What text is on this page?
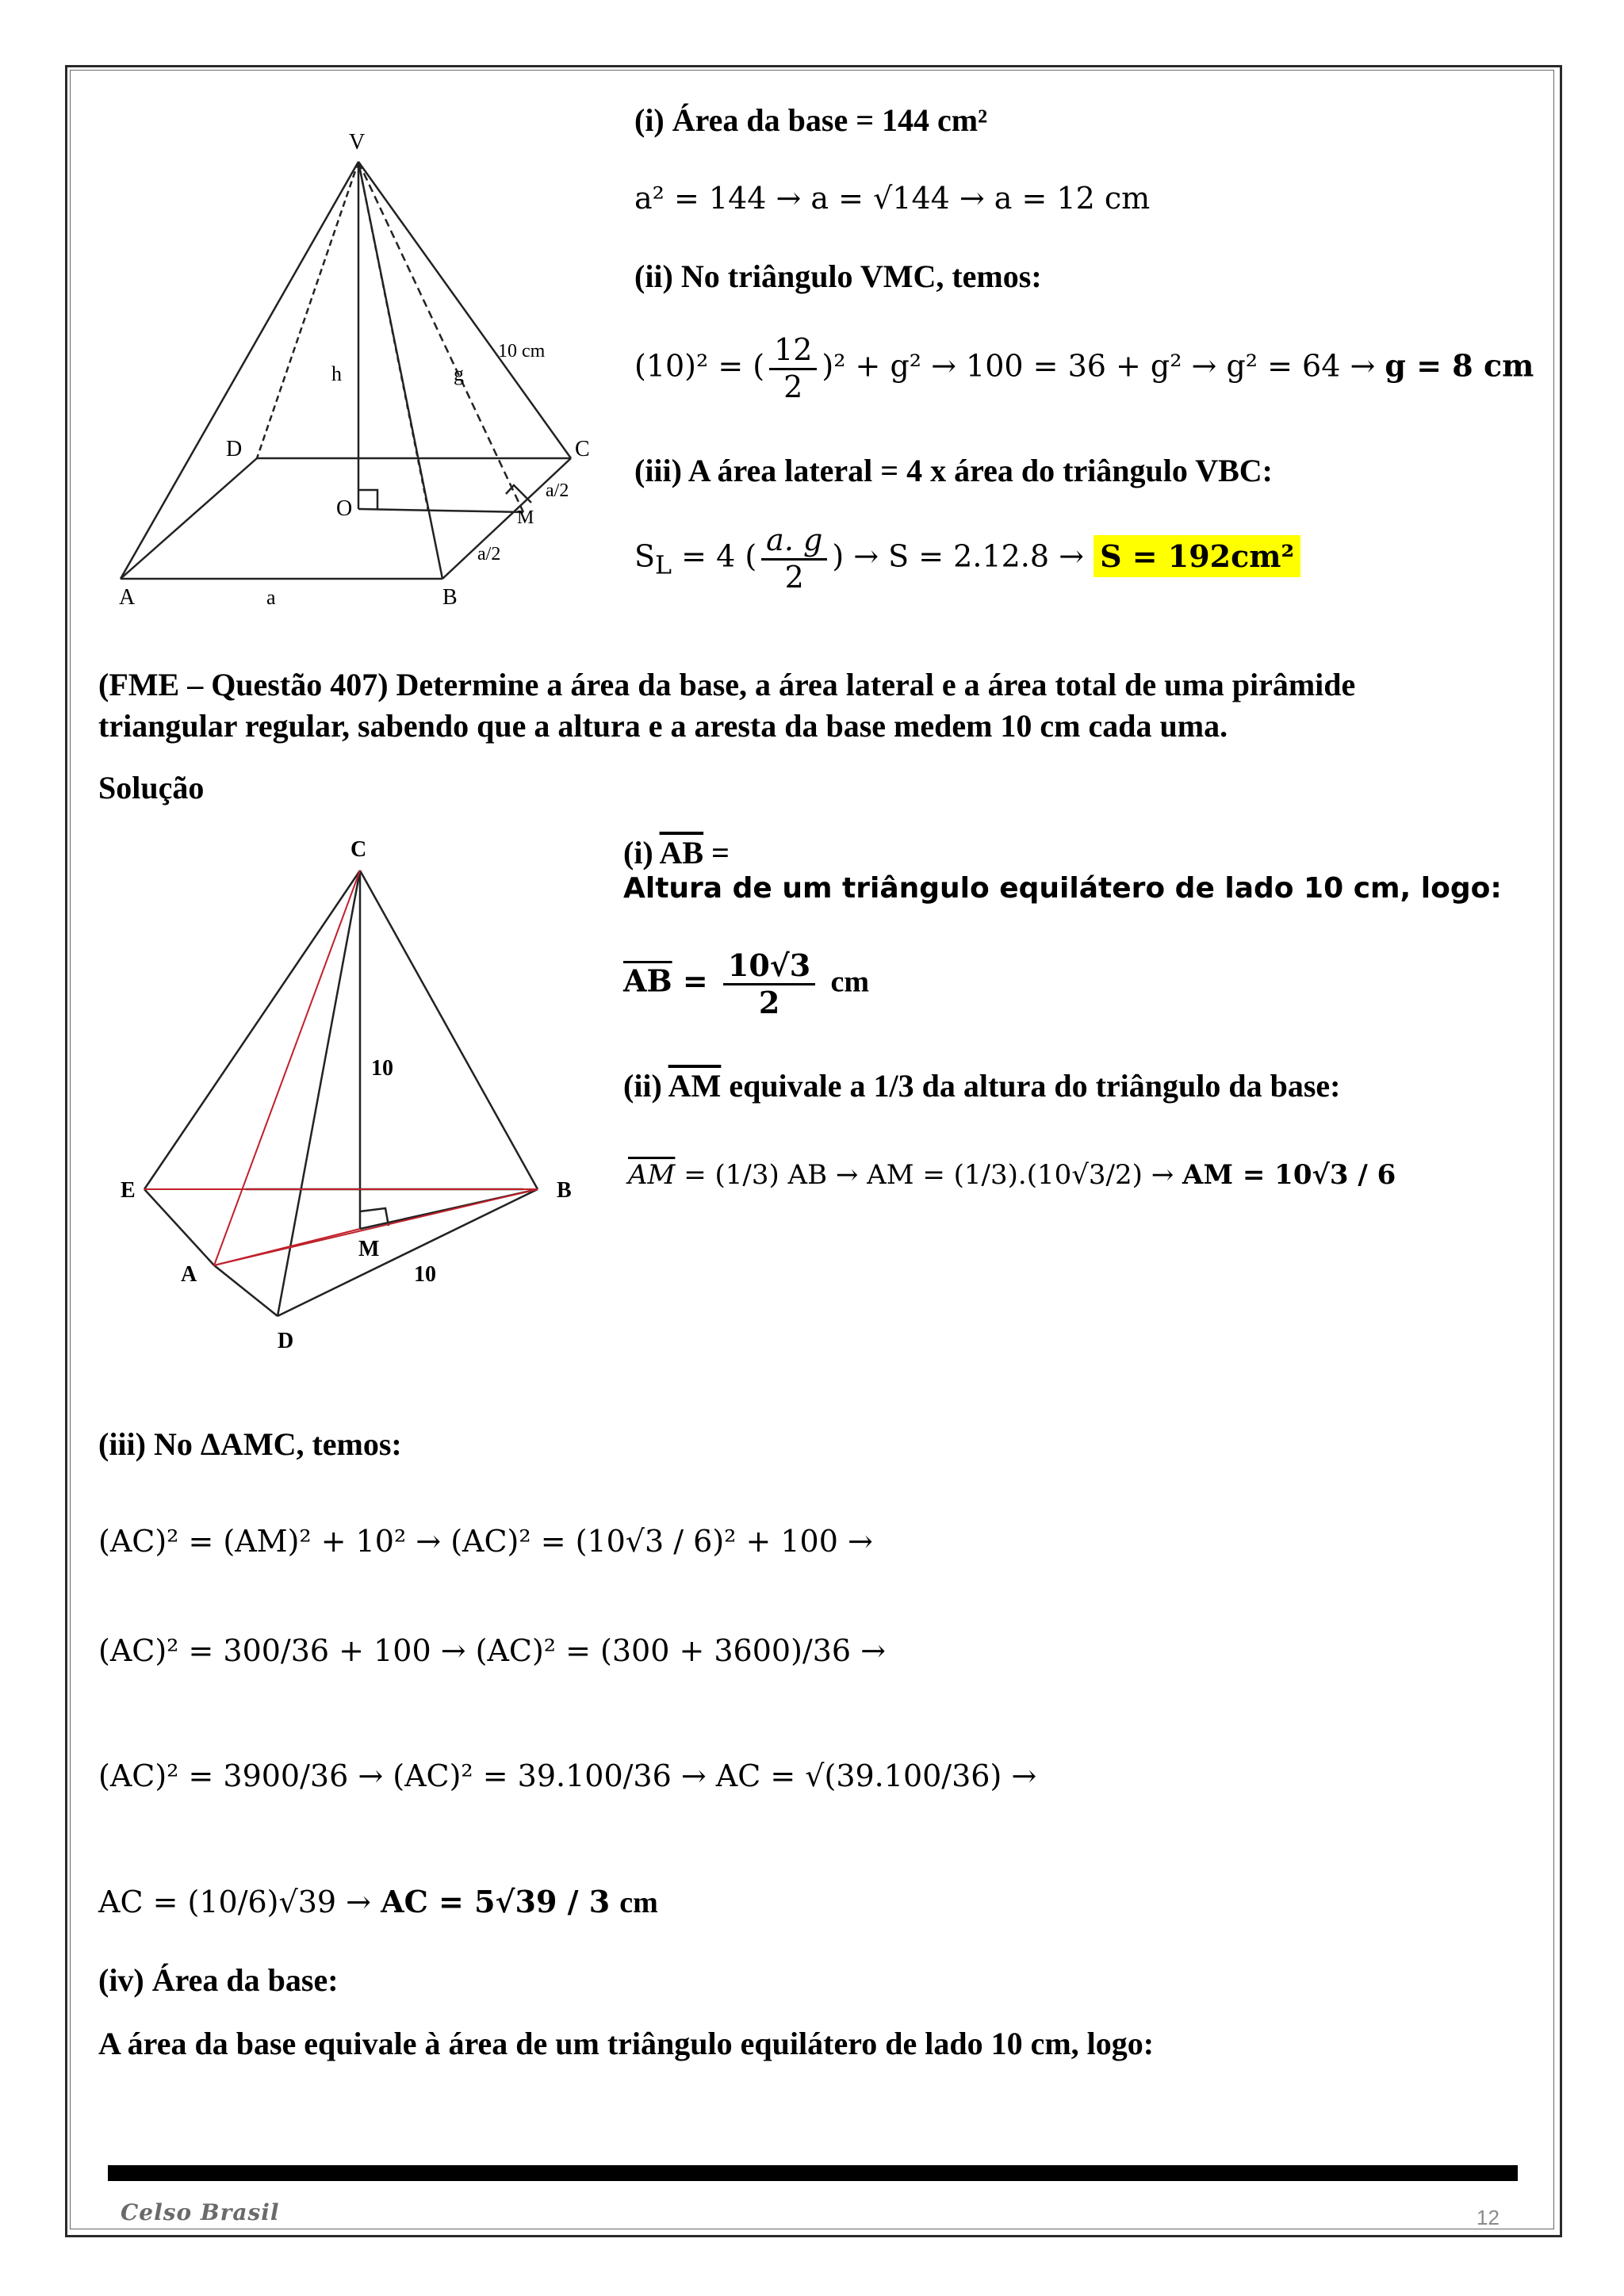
V
D	C
O	M
A	B
h	g
10 cm
a
a/2
a/2
(i) Área da base = 144 cm²
a² = 144 → a = √144 → a = 12 cm
(ii) No triângulo VMC, temos:
(10)² = ( $\frac{12}{2} )^2 + g^2 \to 100 = 36 + g^2 \to g^2 = 64 \to g = 8$ cm
(iii) A área lateral = 4 x área do triângulo VBC:
$S_L = 4$ ( $\frac{a. g}{2}$ ) → S = 2.12.8 → S = 192cm²
(FME – Questão 407) Determine a área da base, a área lateral e a área total de uma pirâmide
triangular regular, sabendo que a altura e a aresta da base medem 10 cm cada uma.
Solução
C
E	B
A
M
D
10
10
(i) $\overline{AB}$ =
Altura de um triângulo equilátero de lado 10 cm, logo:
$\overline{AB} = \frac{10√3}{2}$ cm
(ii) $\overline{AM}$ equivale a 1/3 da altura do triângulo da base:
$\overline{AM} = (1/3)$ AB → AM = (1/3).(10√3/2) → AM = 10√3 / 6
(iii) No ΔAMC, temos:
(AC)² = (AM)² + 10² → (AC)² = (10√3 / 6)² + 100 →
(AC)² = 300/36 + 100 → (AC)² = (300 + 3600)/36 →
(AC)² = 3900/36 → (AC)² = 39.100/36 → AC = √(39.100/36) →
AC = (10/6)√39 → AC = 5√39 / 3 cm
(iv) Área da base:
A área da base equivale à área de um triângulo equilátero de lado 10 cm, logo:
Celso Brasil	12
